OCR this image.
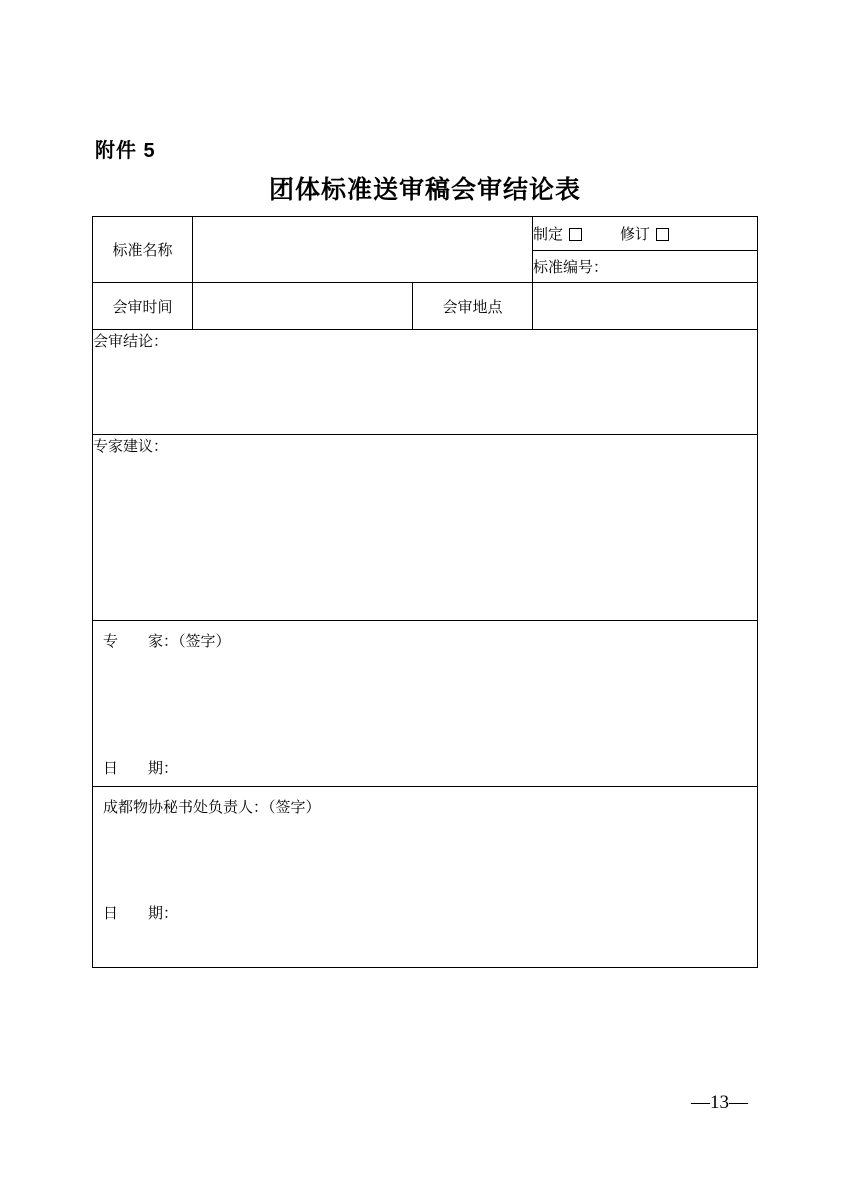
附件 5
团体标准送审稿会审结论表
标准名称			制定 修订
			标准编号：
会审时间		会审地点	
会审结论：			
专家建议：			

专　　家：（签字）
日　　期：			

成都物协秘书处负责人：（签字）
日　　期：			
—13—
